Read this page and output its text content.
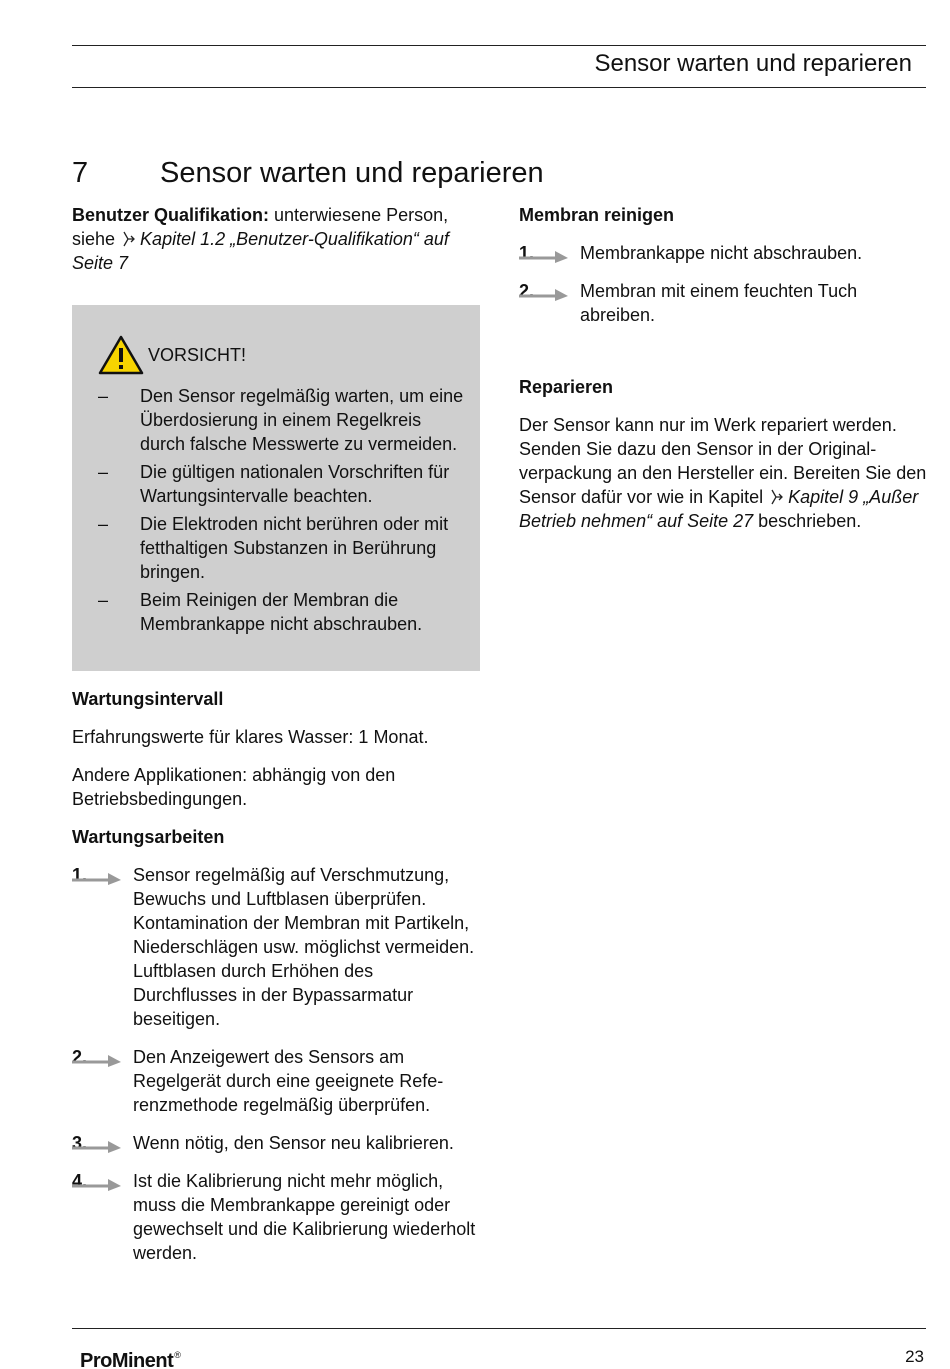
Sensor warten und reparieren
7 Sensor warten und reparieren

Benutzer Qualifikation: unterwiesene Person, siehe Kapitel 1.2 „Benutzer-Qualifikation“ auf Seite 7

VORSICHT!
– Den Sensor regelmäßig warten, um eine Überdosierung in einem Regelkreis durch falsche Messwerte zu vermeiden.
– Die gültigen nationalen Vorschriften für Wartungsintervalle beachten.
– Die Elektroden nicht berühren oder mit fetthaltigen Substanzen in Berührung bringen.
– Beim Reinigen der Membran die Membrankappe nicht abschrauben.

Wartungsintervall

Erfahrungswerte für klares Wasser: 1 Monat.

Andere Applikationen: abhängig von den Betriebsbedingungen.

Wartungsarbeiten

1.	Sensor regelmäßig auf Verschmutzung, Bewuchs und Luftblasen überprüfen. Kontamination der Membran mit Partikeln, Niederschlägen usw. möglichst vermeiden. Luftblasen durch Erhöhen des Durchflusses in der Bypassarmatur beseitigen.
2.	Den Anzeigewert des Sensors am Regelgerät durch eine geeignete Referenzmethode regelmäßig überprüfen.
3.	Wenn nötig, den Sensor neu kalibrieren.
4.	Ist die Kalibrierung nicht mehr möglich, muss die Membrankappe gereinigt oder gewechselt und die Kalibrierung wiederholt werden.

Membran reinigen

1.	Membrankappe nicht abschrauben.
2.	Membran mit einem feuchten Tuch abreiben.

Reparieren

Der Sensor kann nur im Werk repariert werden. Senden Sie dazu den Sensor in der Originalverpackung an den Hersteller ein. Bereiten Sie den Sensor dafür vor wie in Kapitel Kapitel 9 „Außer Betrieb nehmen“ auf Seite 27 beschrieben.

ProMinent®	23
